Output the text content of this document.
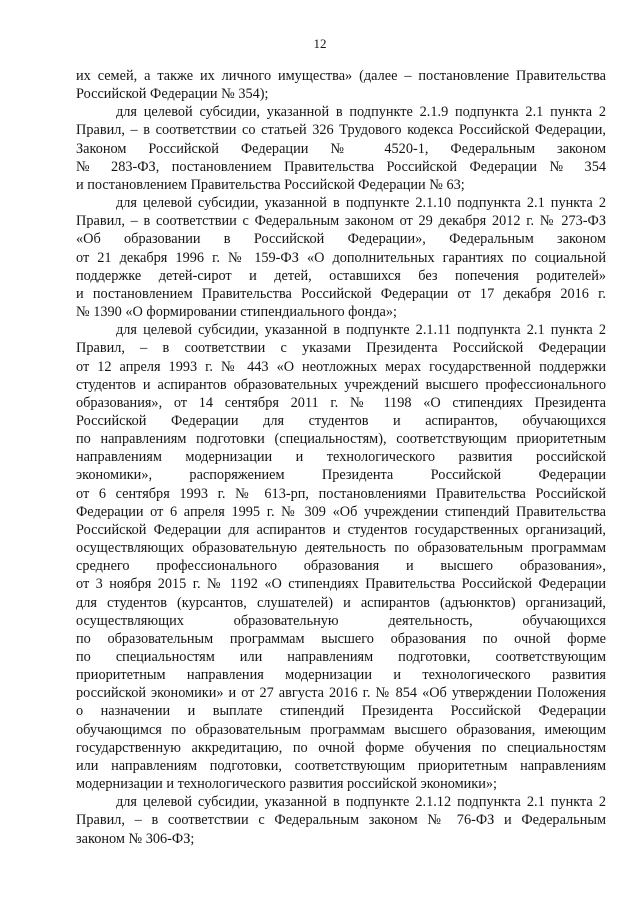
12
их семей, а также их личного имущества» (далее – постановление Правительства
Российской Федерации № 354);
для целевой субсидии, указанной в подпункте 2.1.9 подпункта 2.1 пункта 2
Правил, – в соответствии со статьей 326 Трудового кодекса Российской Федерации,
Законом Российской Федерации № 4520-1, Федеральным законом
№ 283-ФЗ, постановлением Правительства Российской Федерации № 354
и постановлением Правительства Российской Федерации № 63;
для целевой субсидии, указанной в подпункте 2.1.10 подпункта 2.1 пункта 2
Правил, – в соответствии с Федеральным законом от 29 декабря 2012 г. № 273-ФЗ
«Об образовании в Российской Федерации», Федеральным законом
от 21 декабря 1996 г. № 159-ФЗ «О дополнительных гарантиях по социальной
поддержке детей-сирот и детей, оставшихся без попечения родителей»
и постановлением Правительства Российской Федерации от 17 декабря 2016 г.
№ 1390 «О формировании стипендиального фонда»;
для целевой субсидии, указанной в подпункте 2.1.11 подпункта 2.1 пункта 2
Правил, – в соответствии с указами Президента Российской Федерации
от 12 апреля 1993 г. № 443 «О неотложных мерах государственной поддержки
студентов и аспирантов образовательных учреждений высшего профессионального
образования», от 14 сентября 2011 г. № 1198 «О стипендиях Президента
Российской Федерации для студентов и аспирантов, обучающихся
по направлениям подготовки (специальностям), соответствующим приоритетным
направлениям модернизации и технологического развития российской
экономики», распоряжением Президента Российской Федерации
от 6 сентября 1993 г. № 613-рп, постановлениями Правительства Российской
Федерации от 6 апреля 1995 г. № 309 «Об учреждении стипендий Правительства
Российской Федерации для аспирантов и студентов государственных организаций,
осуществляющих образовательную деятельность по образовательным программам
среднего профессионального образования и высшего образования»,
от 3 ноября 2015 г. № 1192 «О стипендиях Правительства Российской Федерации
для студентов (курсантов, слушателей) и аспирантов (адъюнктов) организаций,
осуществляющих образовательную деятельность, обучающихся
по образовательным программам высшего образования по очной форме
по специальностям или направлениям подготовки, соответствующим
приоритетным направления модернизации и технологического развития
российской экономики» и от 27 августа 2016 г. № 854 «Об утверждении Положения
о назначении и выплате стипендий Президента Российской Федерации
обучающимся по образовательным программам высшего образования, имеющим
государственную аккредитацию, по очной форме обучения по специальностям
или направлениям подготовки, соответствующим приоритетным направлениям
модернизации и технологического развития российской экономики»;
для целевой субсидии, указанной в подпункте 2.1.12 подпункта 2.1 пункта 2
Правил, – в соответствии с Федеральным законом № 76-ФЗ и Федеральным
законом № 306-ФЗ;
